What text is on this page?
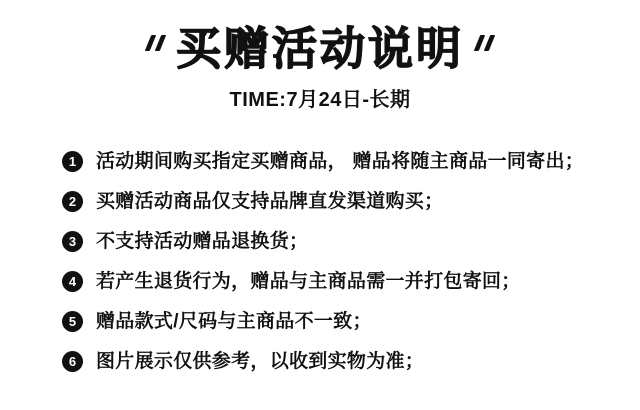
买赠活动说明
TIME:7月24日-长期
1	活动期间购买指定买赠商品， 赠品将随主商品一同寄出；
2	买赠活动商品仅支持品牌直发渠道购买；
3	不支持活动赠品退换货；
4	若产生退货行为，赠品与主商品需一并打包寄回；
5	赠品款式/尺码与主商品不一致；
6	图片展示仅供参考，以收到实物为准；
